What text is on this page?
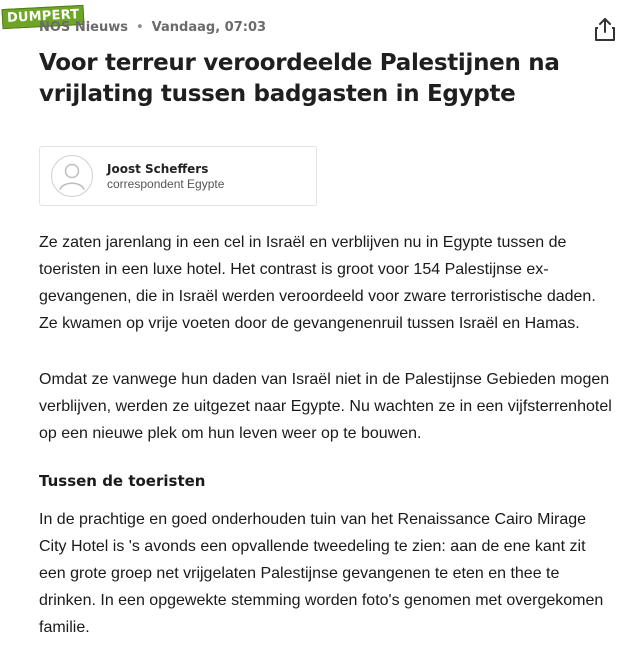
DUMPERT
NOS Nieuws • Vandaag, 07:03
Voor terreur veroordeelde Palestijnen na vrijlating tussen badgasten in Egypte
Joost Scheffers
correspondent Egypte

Ze zaten jarenlang in een cel in Israël en verblijven nu in Egypte tussen de toeristen in een luxe hotel. Het contrast is groot voor 154 Palestijnse ex-gevangenen, die in Israël werden veroordeeld voor zware terroristische daden. Ze kwamen op vrije voeten door de gevangenenruil tussen Israël en Hamas.

Omdat ze vanwege hun daden van Israël niet in de Palestijnse Gebieden mogen verblijven, werden ze uitgezet naar Egypte. Nu wachten ze in een vijfsterrenhotel op een nieuwe plek om hun leven weer op te bouwen.

Tussen de toeristen

In de prachtige en goed onderhouden tuin van het Renaissance Cairo Mirage City Hotel is 's avonds een opvallende tweedeling te zien: aan de ene kant zit een grote groep net vrijgelaten Palestijnse gevangenen te eten en thee te drinken. In een opgewekte stemming worden foto's genomen met overgekomen familie.
